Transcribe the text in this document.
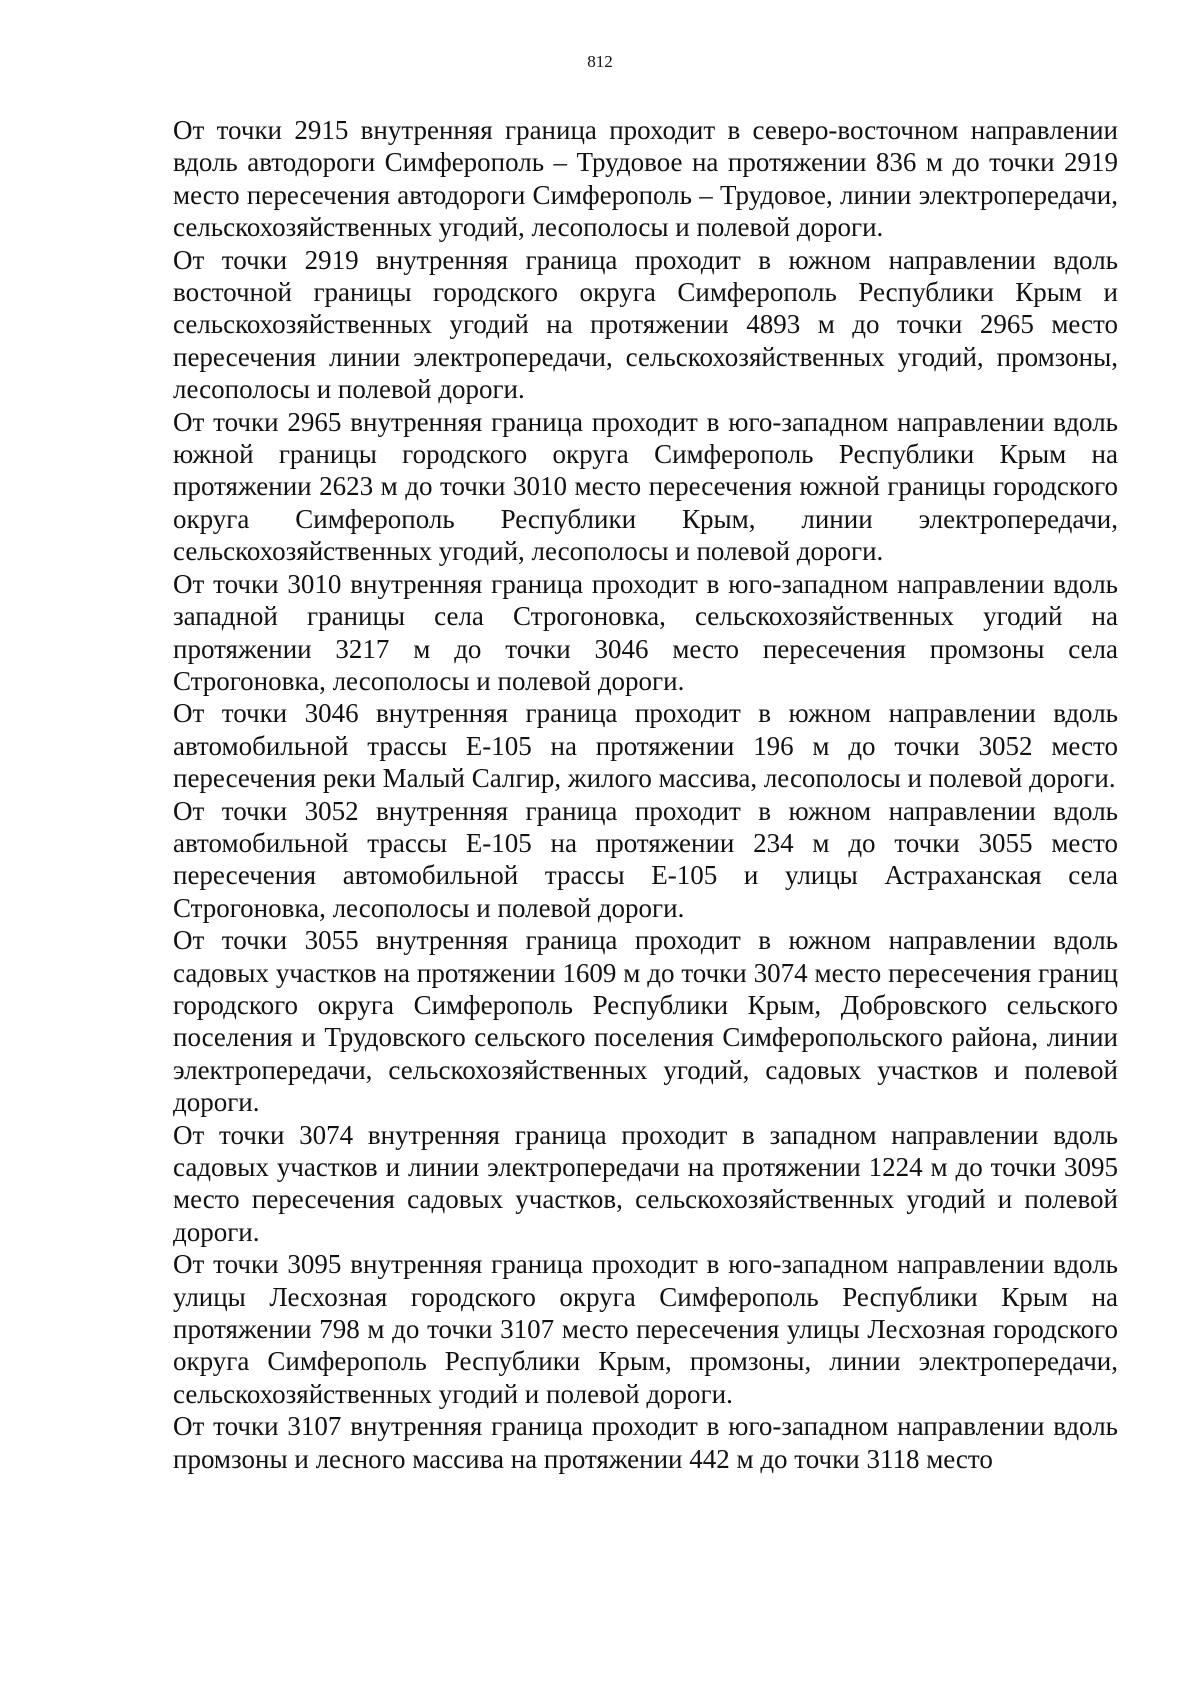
812

От точки 2915 внутренняя граница проходит в северо-восточном направлении вдоль автодороги Симферополь – Трудовое на протяжении 836 м до точки 2919 место пересечения автодороги Симферополь – Трудовое, линии электропередачи, сельскохозяйственных угодий, лесополосы и полевой дороги.

От точки 2919 внутренняя граница проходит в южном направлении вдоль восточной границы городского округа Симферополь Республики Крым и сельскохозяйственных угодий на протяжении 4893 м до точки 2965 место пересечения линии электропередачи, сельскохозяйственных угодий, промзоны, лесополосы и полевой дороги.

От точки 2965 внутренняя граница проходит в юго-западном направлении вдоль южной границы городского округа Симферополь Республики Крым на протяжении 2623 м до точки 3010 место пересечения южной границы городского округа Симферополь Республики Крым, линии электропередачи, сельскохозяйственных угодий, лесополосы и полевой дороги.

От точки 3010 внутренняя граница проходит в юго-западном направлении вдоль западной границы села Строгоновка, сельскохозяйственных угодий на протяжении 3217 м до точки 3046 место пересечения промзоны села Строгоновка, лесополосы и полевой дороги.

От точки 3046 внутренняя граница проходит в южном направлении вдоль автомобильной трассы Е-105 на протяжении 196 м до точки 3052 место пересечения реки Малый Салгир, жилого массива, лесополосы и полевой дороги.

От точки 3052 внутренняя граница проходит в южном направлении вдоль автомобильной трассы Е-105 на протяжении 234 м до точки 3055 место пересечения автомобильной трассы Е-105 и улицы Астраханская села Строгоновка, лесополосы и полевой дороги.

От точки 3055 внутренняя граница проходит в южном направлении вдоль садовых участков на протяжении 1609 м до точки 3074 место пересечения границ городского округа Симферополь Республики Крым, Добровского сельского поселения и Трудовского сельского поселения Симферопольского района, линии электропередачи, сельскохозяйственных угодий, садовых участков и полевой дороги.

От точки 3074 внутренняя граница проходит в западном направлении вдоль садовых участков и линии электропередачи на протяжении 1224 м до точки 3095 место пересечения садовых участков, сельскохозяйственных угодий и полевой дороги.

От точки 3095 внутренняя граница проходит в юго-западном направлении вдоль улицы Лесхозная городского округа Симферополь Республики Крым на протяжении 798 м до точки 3107 место пересечения улицы Лесхозная городского округа Симферополь Республики Крым, промзоны, линии электропередачи, сельскохозяйственных угодий и полевой дороги.

От точки 3107 внутренняя граница проходит в юго-западном направлении вдоль промзоны и лесного массива на протяжении 442 м до точки 3118 место
